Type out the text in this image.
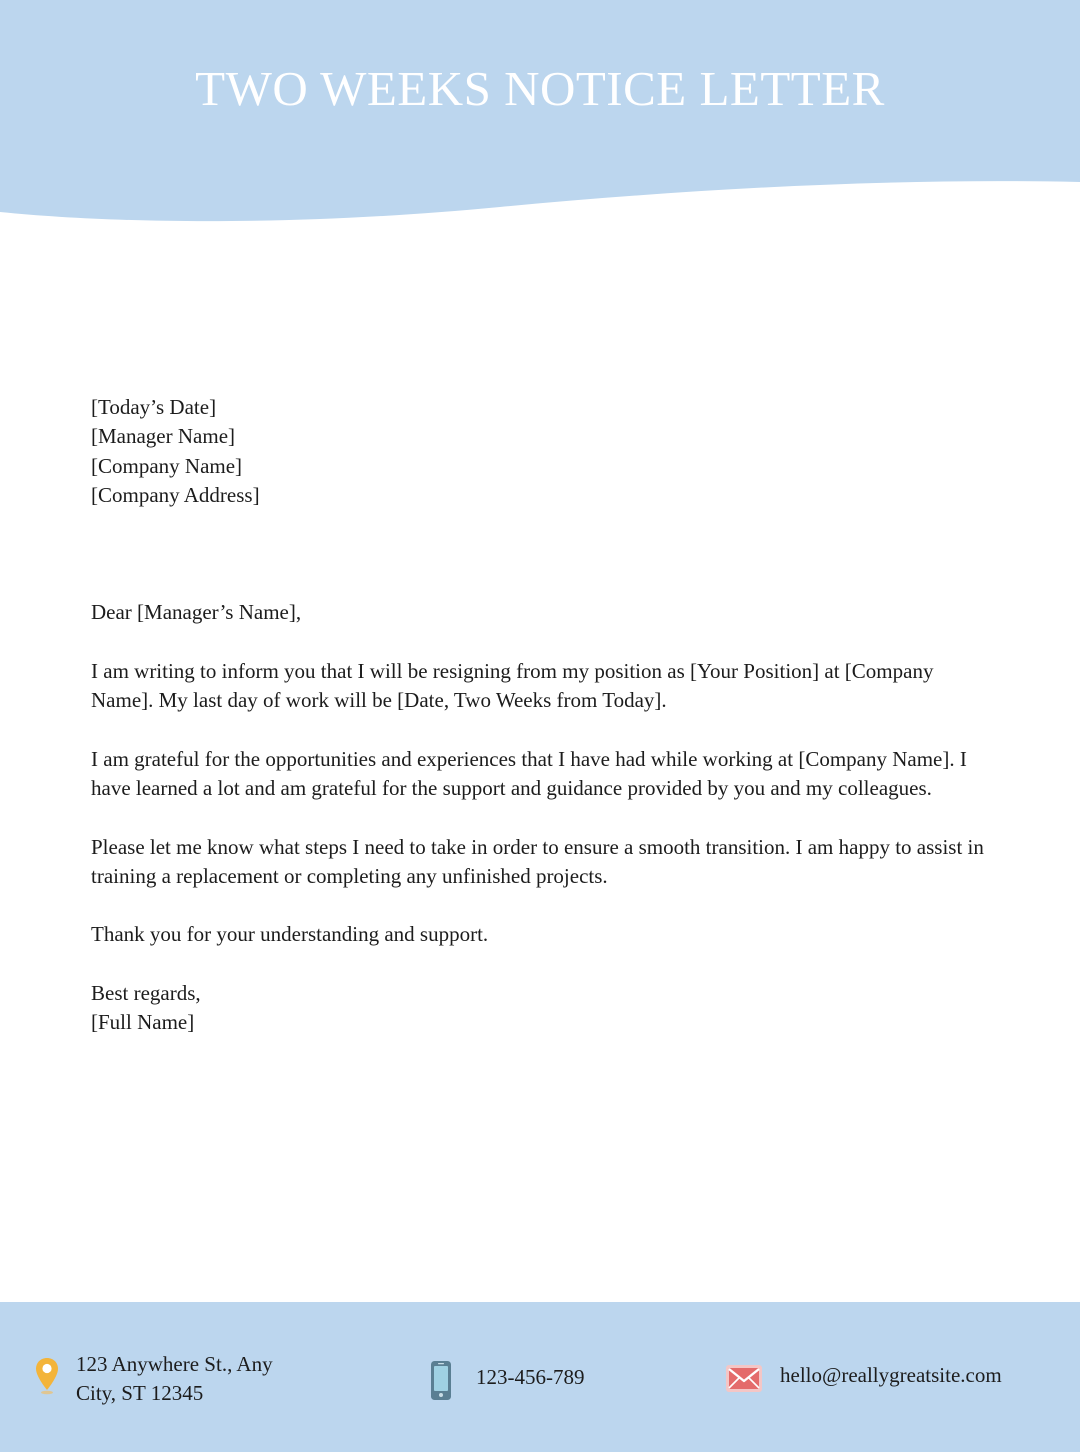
TWO WEEKS NOTICE LETTER

[Today’s Date]

[Manager Name]

[Company Name]

[Company Address]

Dear [Manager’s Name],

I am writing to inform you that I will be resigning from my position as [Your Position] at [Company Name]. My last day of work will be [Date, Two Weeks from Today].

I am grateful for the opportunities and experiences that I have had while working at [Company Name]. I have learned a lot and am grateful for the support and guidance provided by you and my colleagues.

Please let me know what steps I need to take in order to ensure a smooth transition. I am happy to assist in training a replacement or completing any unfinished projects.

Thank you for your understanding and support.

Best regards,

[Full Name]

123 Anywhere St., Any
City, ST 12345
123-456-789	hello@reallygreatsite.com
